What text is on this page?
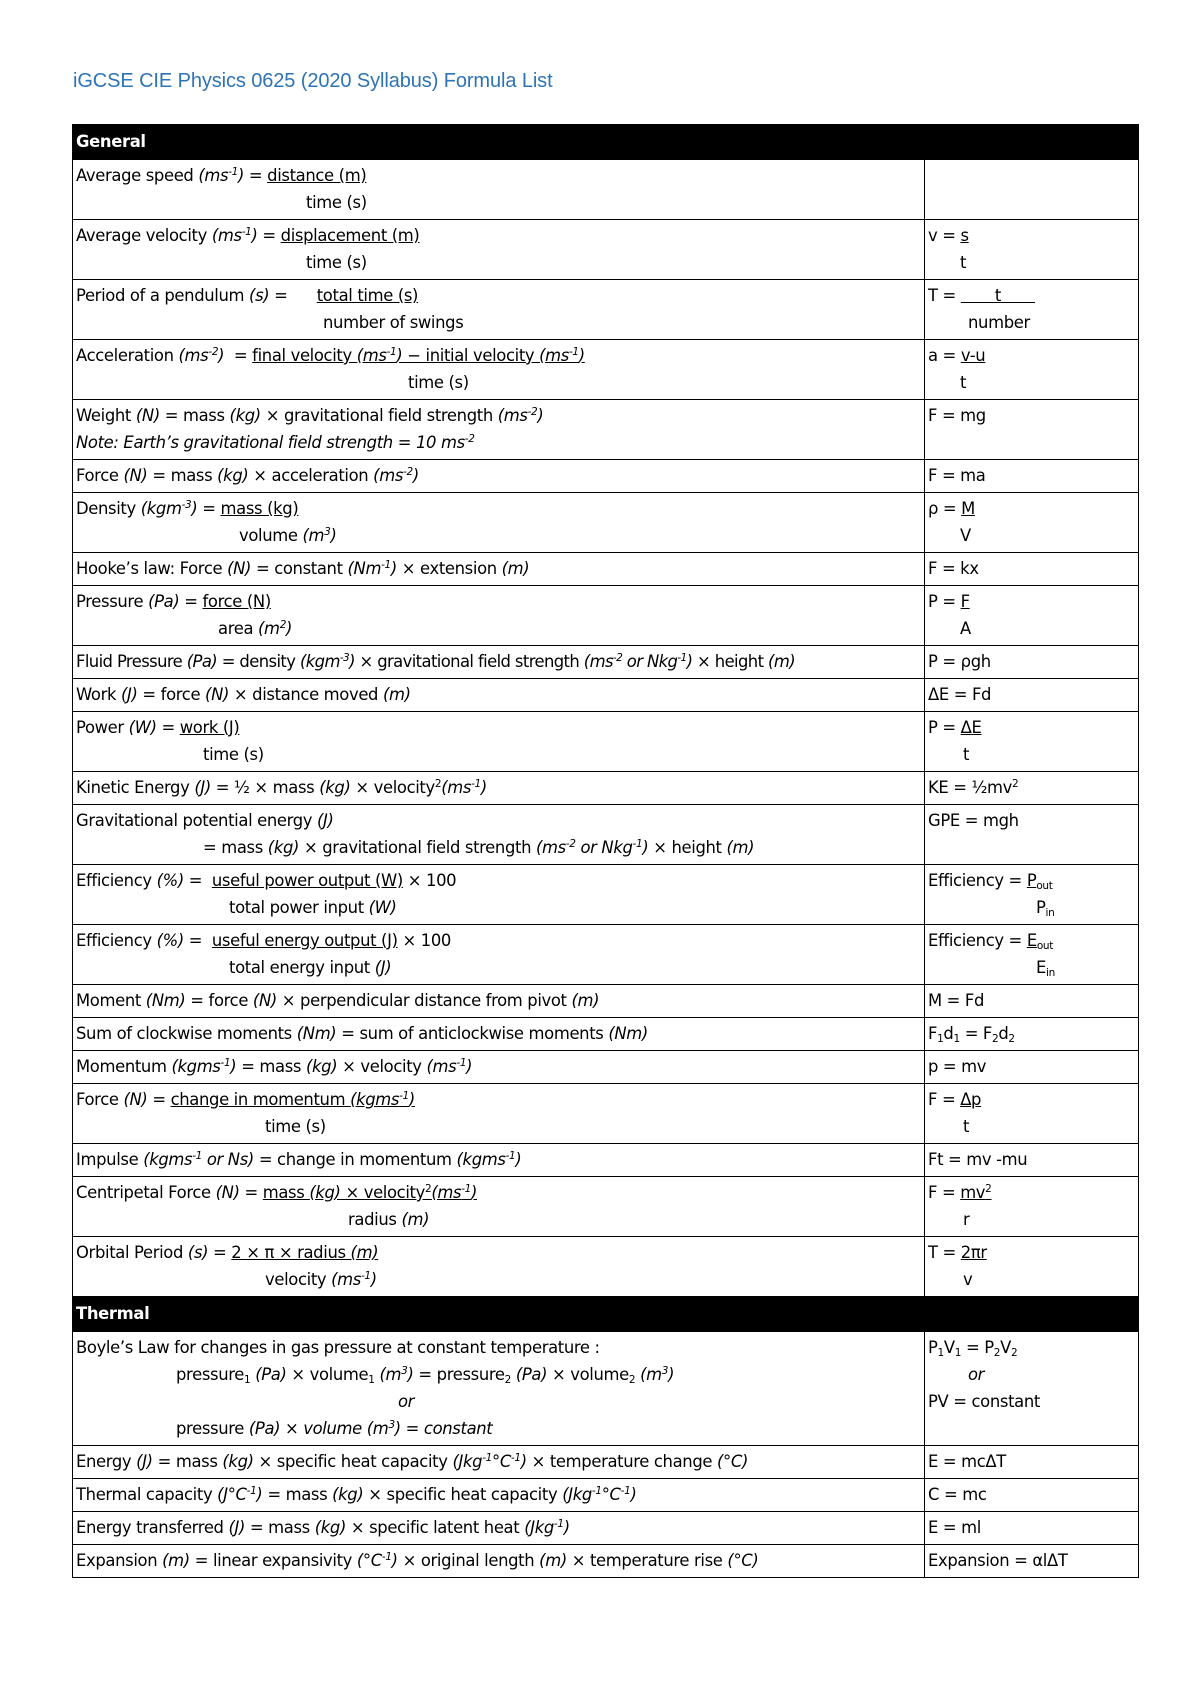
iGCSE CIE Physics 0625 (2020 Syllabus) Formula List
General	

Average speed $(ms^{-1})$ = distance (m)
time (s)	

Average velocity $(ms^{-1})$ = displacement (m)
time (s)	v = s
t

Period of a pendulum (s) =      total time (s)
number of swings	T =        t
number

Acceleration $(ms^{-2})$  = final velocity $(ms^{-1})$ − initial velocity $(ms^{-1})$
time (s)	a = v-u
t

Weight (N) = mass (kg) × gravitational field strength $(ms^{-2})$
Note: Earth’s gravitational field strength = 10 $ms^{-2}$	F = mg

Force (N) = mass (kg) × acceleration $(ms^{-2})$	F = ma

Density (kgm$^{-3}$) = mass (kg)
volume $(m^3)$	ρ = M
V

Hooke’s law: Force (N) = constant $(Nm^{-1})$ × extension (m)	F = kx

Pressure (Pa) = force (N)
area $(m^2)$	P = F
A

Fluid Pressure (Pa) = density (kgm$^{-3}$) × gravitational field strength ($ms^{-2}$ or Nkg$^{-1}$) × height (m)	P = ρgh

Work (J) = force (N) × distance moved (m)	ΔE = Fd

Power (W) = work (J)
time (s)	P = ΔE
t

Kinetic Energy (J) = ½ × mass $(kg) \times velocity^2(ms^{-1})$	KE = $\frac{1}{2}mv^2$

Gravitational potential energy (J)
= mass (kg) × gravitational field strength ($ms^{-2}$ or Nkg$^{-1}$) × height (m)	GPE = mgh

Efficiency (%) =  useful power output (W) × 100
total power input (W)	Efficiency = $P_{out}$
$P_{in}$

Efficiency (%) =  useful energy output (J) × 100
total energy input (J)	Efficiency = $E_{out}$
$E_{in}$

Moment (Nm) = force (N) × perpendicular distance from pivot (m)	M = Fd

Sum of clockwise moments (Nm) = sum of anticlockwise moments (Nm)	$F_1d_1 = F_2d_2$

Momentum (kgms$^{-1}$) = mass (kg) × velocity $(ms^{-1})$	p = mv

Force (N) = change in momentum (kgms$^{-1}$)
time (s)	F = Δp
t

Impulse (kgms$^{-1}$ or Ns) = change in momentum (kgms$^{-1}$)	Ft = mv -mu

Centripetal Force (N) = mass $(kg) \times velocity^2(ms^{-1})$
radius (m)	$F = mv^2$
r

Orbital Period (s) = 2 × π × radius (m)
velocity $(ms^{-1})$	T = 2πr
v

Thermal	

Boyle’s Law for changes in gas pressure at constant temperature :
pressure$_1$ (Pa) × volume$_1$ $(m^3)$ = pressure$_2$ (Pa) × volume$_2$ $(m^3)$
or
pressure (Pa) × volume $(m^3)$ = constant	$P_1V_1 = P_2V_2$
or
PV = constant

Energy (J) = mass (kg) × specific heat capacity $(Jkg^{-1}^\circ C^{-1})$ × temperature change (°C)	E = mcΔT

Thermal capacity $(J^\circ C^{-1})$ = mass (kg) × specific heat capacity $(Jkg^{-1}^\circ C^{-1})$	C = mc

Energy transferred (J) = mass (kg) × specific latent heat (Jkg$^{-1}$)	E = ml

Expansion (m) = linear expansivity $(^\circ C^{-1})$ × original length (m) × temperature rise (°C)	Expansion = αlΔT
